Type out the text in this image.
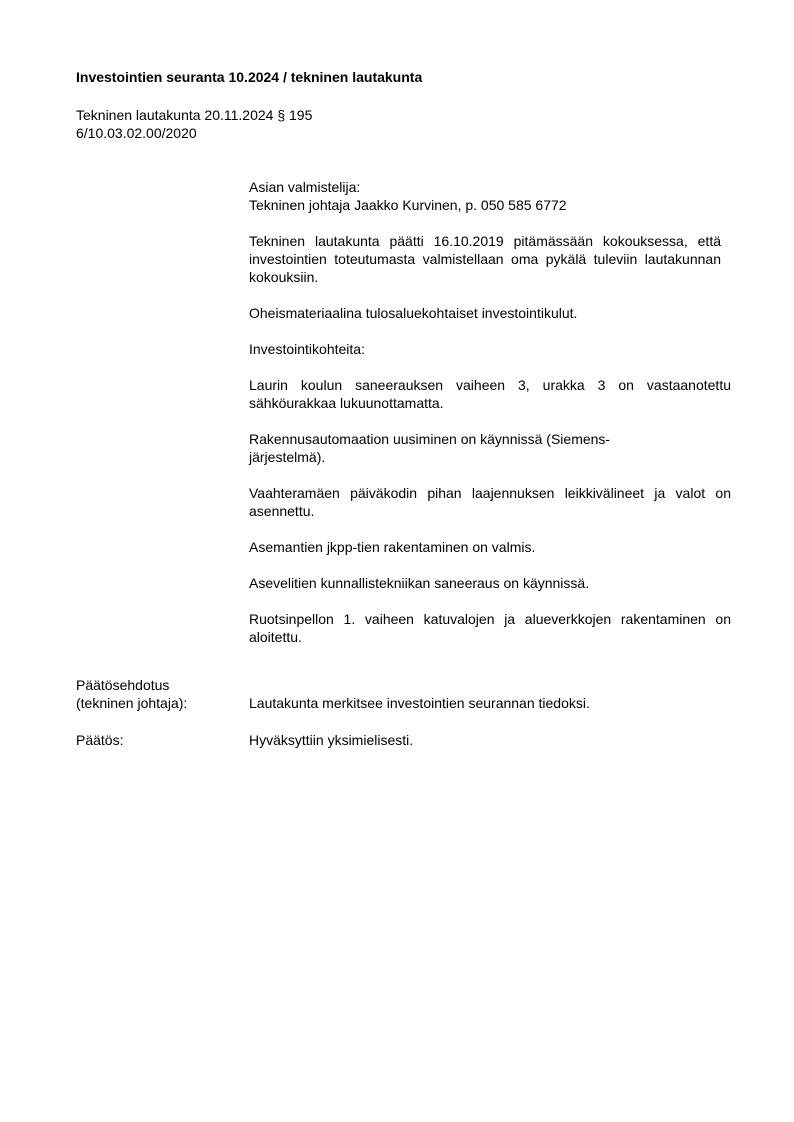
Investointien seuranta 10.2024 / tekninen lautakunta
Tekninen lautakunta 20.11.2024 § 195
6/10.03.02.00/2020

Asian valmistelija:
Tekninen johtaja Jaakko Kurvinen, p. 050 585 6772

Tekninen lautakunta päätti 16.10.2019 pitämässään kokouksessa, että investointien toteutumasta valmistellaan oma pykälä tuleviin lautakunnan kokouksiin.

Oheismateriaalina tulosaluekohtaiset investointikulut.

Investointikohteita:

Laurin koulun saneerauksen vaiheen 3, urakka 3 on vastaanotettu sähköurakkaa lukuunottamatta.

Rakennusautomaation uusiminen on käynnissä (Siemens-järjestelmä).

Vaahteramäen päiväkodin pihan laajennuksen leikkivälineet ja valot on asennettu.

Asemantien jkpp-tien rakentaminen on valmis.

Asevelitien kunnallistekniikan saneeraus on käynnissä.

Ruotsinpellon 1. vaiheen katuvalojen ja alueverkkojen rakentaminen on aloitettu.

Päätösehdotus
(tekninen johtaja):	Lautakunta merkitsee investointien seurannan tiedoksi.
Päätös:	Hyväksyttiin yksimielisesti.
